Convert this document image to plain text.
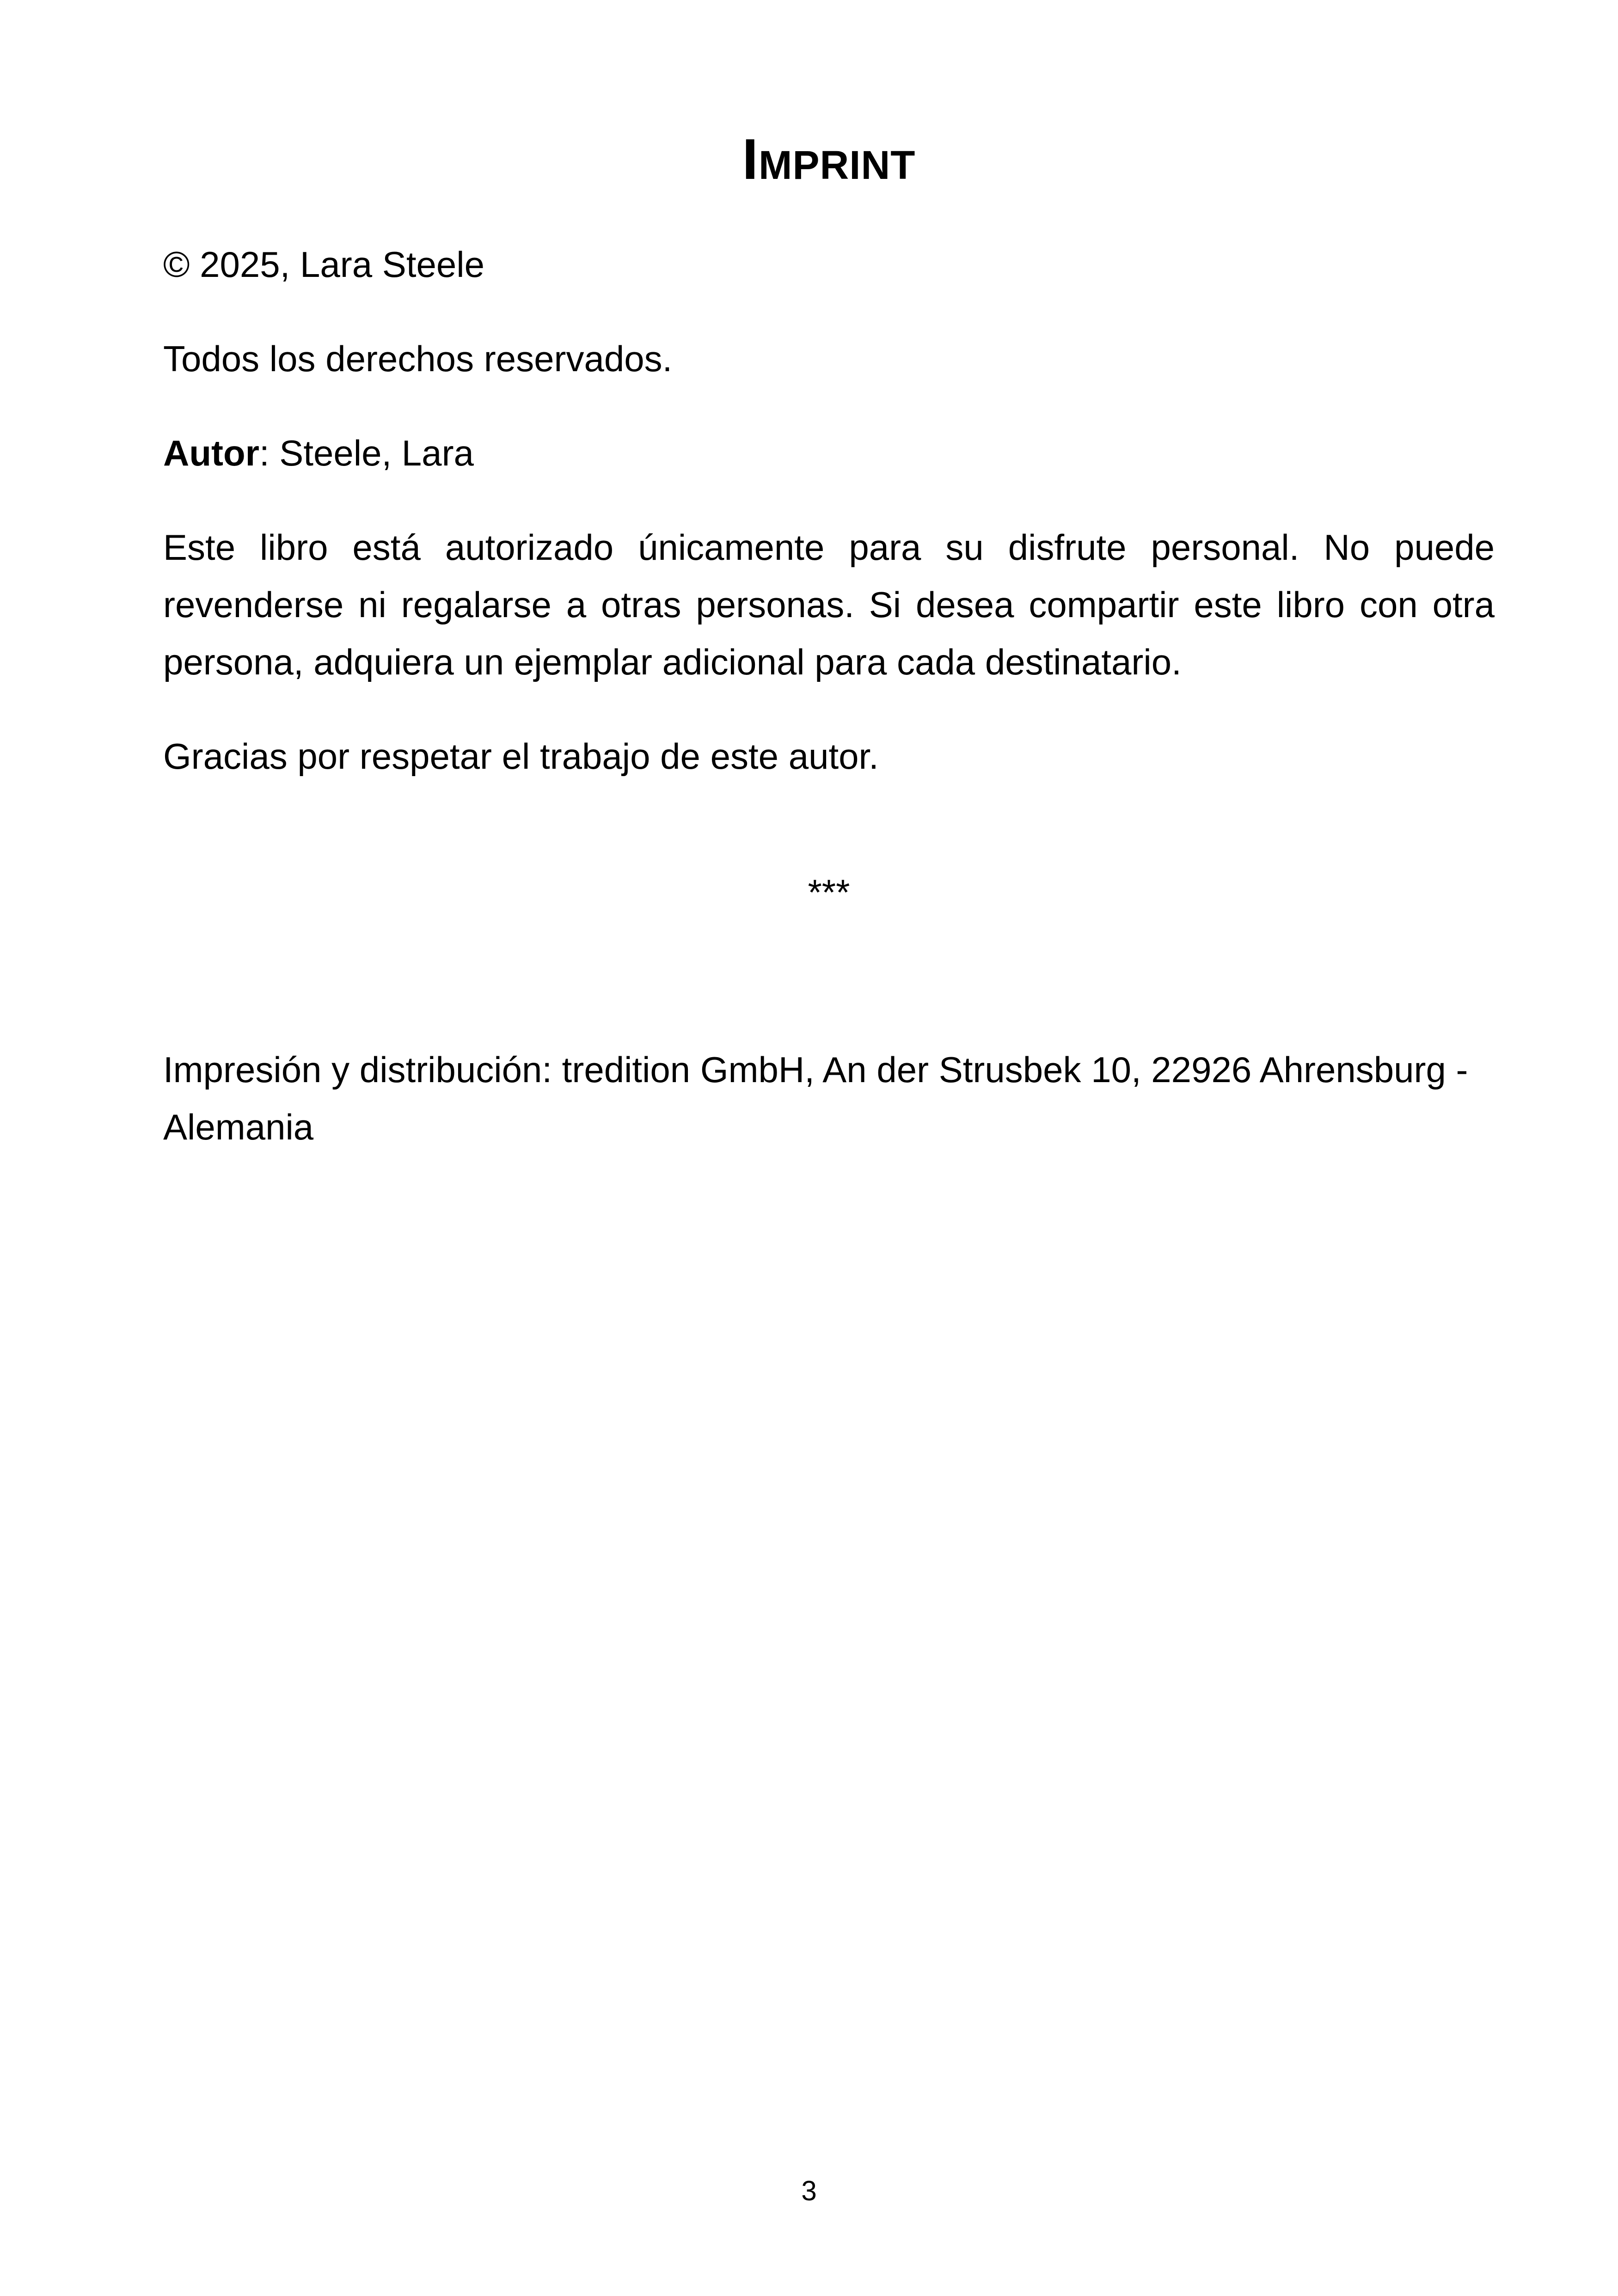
Imprint

© 2025, Lara Steele

Todos los derechos reservados.

Autor: Steele, Lara

Este libro está autorizado únicamente para su disfrute personal. No puede revenderse ni regalarse a otras personas. Si desea compartir este libro con otra persona, adquiera un ejemplar adicional para cada destinatario.

Gracias por respetar el trabajo de este autor.

***

Impresión y distribución: tredition GmbH, An der Strusbek 10, 22926 Ahrensburg -
Alemania

3
